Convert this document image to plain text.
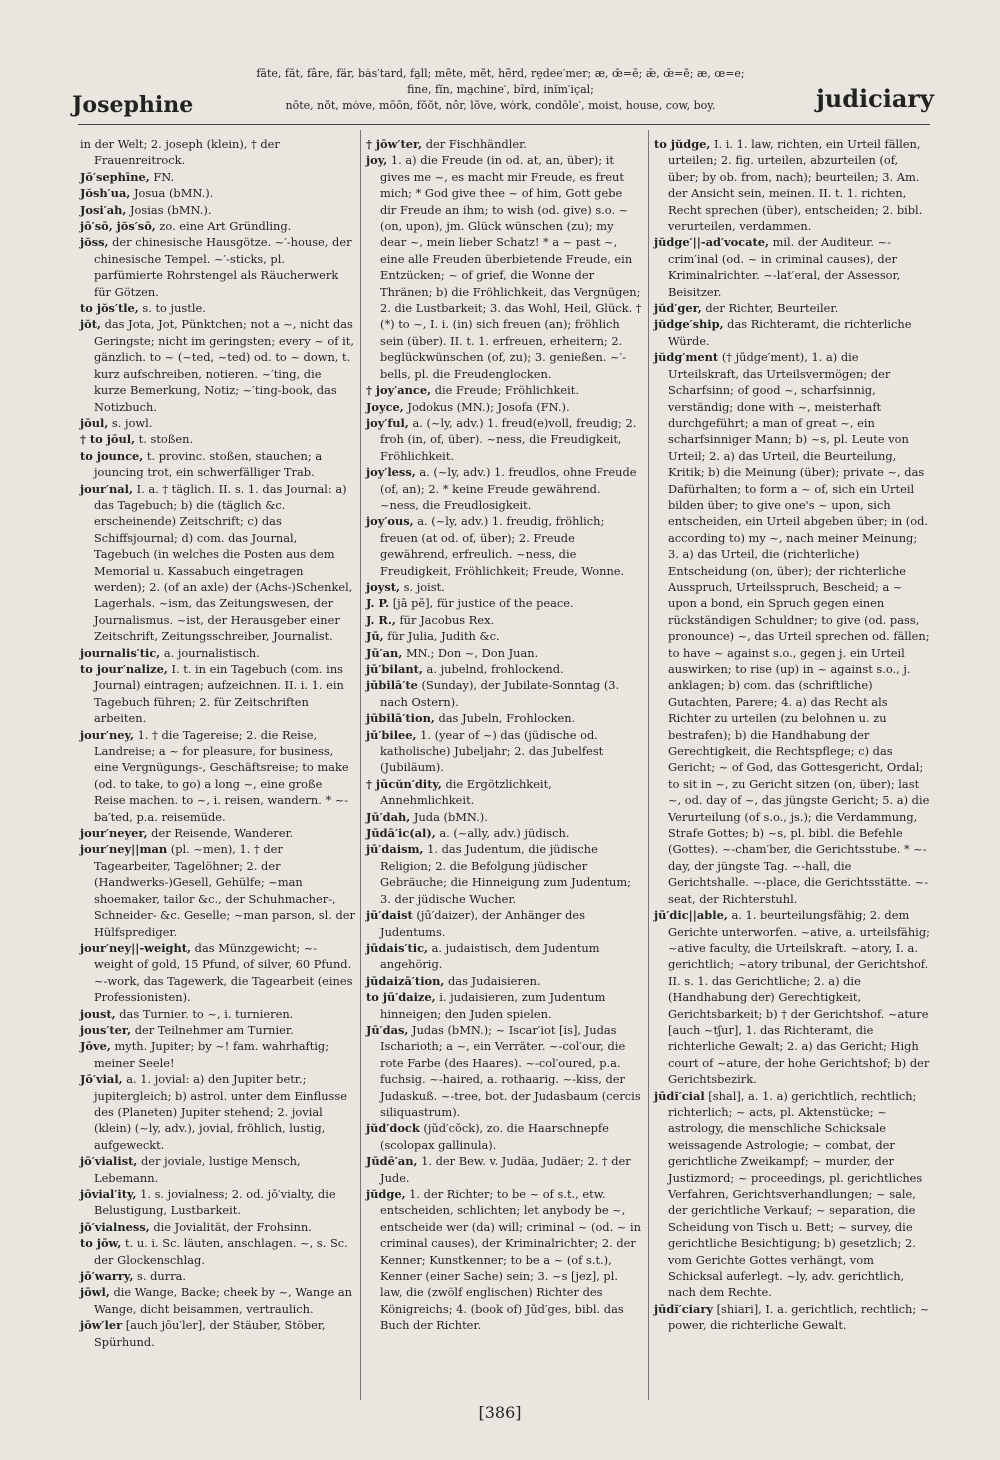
Josephine
fāte, făt, fâre, fär, bȧs′tard, fa̤ll; mēte, mĕt, hẽrd, re̤dee′mer; æ, œ̄=ē; æ̆, œ̆=ĕ; æ, œ=e;
fine, fĭn, ma̤chine′, bĩrd, inĭm′ic̨al;
nōte, nŏt, mȯve, mōōn, fŏŏt, nôr, lŏve, wȯrk, condōle′, moist, house, cow, boy.	judiciary

in der Welt; 2. joseph (klein), † der Frauenreitrock.

Jō′sephīne, FN.

Jŏsh′ua, Josua (bMN.).

Josi′ah, Josias (bMN.).

jō′sō, jŏs′sō, zo. eine Art Gründling.

jŏss, der chinesische Hausgötze. ~′-house, der chinesische Tempel. ~′-sticks, pl. parfümierte Rohrstengel als Räucherwerk für Götzen.

to jŏs′tle, s. to justle.

jŏt, das Jota, Jot, Pünktchen; not a ~, nicht das Geringste; nicht im geringsten; every ~ of it, gänzlich. to ~ (~ted, ~ted) od. to ~ down, t. kurz aufschreiben, notieren. ~′ting, die kurze Bemerkung, Notiz; ~′ting-book, das Notizbuch.

jōul, s. jowl.

† to jōul, t. stoßen.

to jounce, t. provinc. stoßen, stauchen; a jouncing trot, ein schwerfälliger Trab.

jour′nal, I. a. † täglich. II. s. 1. das Journal: a) das Tagebuch; b) die (täglich &c. erscheinende) Zeitschrift; c) das Schiffsjournal; d) com. das Journal, Tagebuch (in welches die Posten aus dem Memorial u. Kassabuch eingetragen werden); 2. (of an axle) der (Achs-)Schenkel, Lagerhals. ~ism, das Zeitungswesen, der Journalismus. ~ist, der Herausgeber einer Zeitschrift, Zeitungsschreiber, Journalist.

journalis′tic, a. journalistisch.

to jour′nalize, I. t. in ein Tagebuch (com. ins Journal) eintragen; aufzeichnen. II. i. 1. ein Tagebuch führen; 2. für Zeitschriften arbeiten.

jour′ney, 1. † die Tagereise; 2. die Reise, Landreise; a ~ for pleasure, for business, eine Vergnügungs-, Geschäftsreise; to make (od. to take, to go) a long ~, eine große Reise machen. to ~, i. reisen, wandern. * ~-ba′ted, p.a. reisemüde.

jour′neyer, der Reisende, Wanderer.

jour′ney||man (pl. ~men), 1. † der Tagearbeiter, Tagelöhner; 2. der (Handwerks-)Gesell, Gehülfe; ~man shoemaker, tailor &c., der Schuhmacher-, Schneider- &c. Geselle; ~man parson, sl. der Hülfsprediger.

jour′ney||-weight, das Münzgewicht; ~-weight of gold, 15 Pfund, of silver, 60 Pfund. ~-work, das Tagewerk, die Tagearbeit (eines Professionisten).

joust, das Turnier. to ~, i. turnieren.

jous′ter, der Teilnehmer am Turnier.

Jōve, myth. Jupiter; by ~! fam. wahrhaftig; meiner Seele!

Jō′vial, a. 1. jovial: a) den Jupiter betr.; jupitergleich; b) astrol. unter dem Einflusse des (Planeten) Jupiter stehend; 2. jovial (klein) (~ly, adv.), jovial, fröhlich, lustig, aufgeweckt.

jō′vialist, der joviale, lustige Mensch, Lebemann.

jōvial′ity, 1. s. jovialness; 2. od. jō′vialty, die Belustigung, Lustbarkeit.

jō′vialness, die Jovialität, der Frohsinn.

to jōw, t. u. i. Sc. läuten, anschlagen. ~, s. Sc. der Glockenschlag.

jō′warry, s. durra.

jōwl, die Wange, Backe; cheek by ~, Wange an Wange, dicht beisammen, vertraulich.

jōw′ler [auch jōu′ler], der Stäuber, Stöber, Spürhund.

† jōw′ter, der Fischhändler.

joy, 1. a) die Freude (in od. at, an, über); it gives me ~, es macht mir Freude, es freut mich; * God give thee ~ of him, Gott gebe dir Freude an ihm; to wish (od. give) s.o. ~ (on, upon), jm. Glück wünschen (zu); my dear ~, mein lieber Schatz! * a ~ past ~, eine alle Freuden überbietende Freude, ein Entzücken; ~ of grief, die Wonne der Thränen; b) die Fröhlichkeit, das Vergnügen; 2. die Lustbarkeit; 3. das Wohl, Heil, Glück. † (*) to ~, I. i. (in) sich freuen (an); fröhlich sein (über). II. t. 1. erfreuen, erheitern; 2. beglückwünschen (of, zu); 3. genießen. ~′-bells, pl. die Freudenglocken.

† joy′ance, die Freude; Fröhlichkeit.

Joyce, Jodokus (MN.); Josofa (FN.).

joy′ful, a. (~ly, adv.) 1. freud(e)voll, freudig; 2. froh (in, of, über). ~ness, die Freudigkeit, Fröhlichkeit.

joy′less, a. (~ly, adv.) 1. freudlos, ohne Freude (of, an); 2. * keine Freude gewährend. ~ness, die Freudlosigkeit.

joy′ous, a. (~ly, adv.) 1. freudig, fröhlich; freuen (at od. of, über); 2. Freude gewährend, erfreulich. ~ness, die Freudigkeit, Fröhlichkeit; Freude, Wonne.

joyst, s. joist.

J. P. [jā pē], für justice of the peace.

J. R., für Jacobus Rex.

Jū, für Julia, Judith &c.

Jū′an, MN.; Don ~, Don Juan.

jū′bilant, a. jubelnd, frohlockend.

jūbilā′te (Sunday), der Jubilate-Sonntag (3. nach Ostern).

jūbilā′tion, das Jubeln, Frohlocken.

jū′bilee, 1. (year of ~) das (jüdische od. katholische) Jubeljahr; 2. das Jubelfest (Jubiläum).

† jūcŭn′dity, die Ergötzlichkeit, Annehmlichkeit.

Jū′dah, Juda (bMN.).

Jūdā′ic(al), a. (~ally, adv.) jüdisch.

jū′daism, 1. das Judentum, die jüdische Religion; 2. die Befolgung jüdischer Gebräuche; die Hinneigung zum Judentum; 3. der jüdische Wucher.

jū′daist (jū′daizer), der Anhänger des Judentums.

jūdais′tic, a. judaistisch, dem Judentum angehörig.

jūdaizā′tion, das Judaisieren.

to jū′daize, i. judaisieren, zum Judentum hinneigen; den Juden spielen.

Jū′das, Judas (bMN.); ~ Iscar′iot [is], Judas Ischarioth; a ~, ein Verräter. ~-col′our, die rote Farbe (des Haares). ~-col′oured, p.a. fuchsig. ~-haired, a. rothaarig. ~-kiss, der Judaskuß. ~-tree, bot. der Judasbaum (cercis siliquastrum).

jŭd′dock (jŭd′cŏck), zo. die Haarschnepfe (scolopax gallinula).

Jūdē′an, 1. der Bew. v. Judäa, Judäer; 2. † der Jude.

jŭdge, 1. der Richter; to be ~ of s.t., etw. entscheiden, schlichten; let anybody be ~, entscheide wer (da) will; criminal ~ (od. ~ in criminal causes), der Kriminalrichter; 2. der Kenner; Kunstkenner; to be a ~ (of s.t.), Kenner (einer Sache) sein; 3. ~s [jez], pl. law, die (zwölf englischen) Richter des Königreichs; 4. (book of) Jŭd′ges, bibl. das Buch der Richter.

to jŭdge, I. i. 1. law, richten, ein Urteil fällen, urteilen; 2. fig. urteilen, abzurteilen (of, über; by ob. from, nach); beurteilen; 3. Am. der Ansicht sein, meinen. II. t. 1. richten, Recht sprechen (über), entscheiden; 2. bibl. verurteilen, verdammen.

jŭdge′||-ad′vocate, mil. der Auditeur. ~-crim′inal (od. ~ in criminal causes), der Kriminalrichter. ~-lat′eral, der Assessor, Beisitzer.

jŭd′ger, der Richter, Beurteiler.

jŭdge′ship, das Richteramt, die richterliche Würde.

jŭdg′ment († jŭdge′ment), 1. a) die Urteilskraft, das Urteilsvermögen; der Scharfsinn; of good ~, scharfsinnig, verständig; done with ~, meisterhaft durchgeführt; a man of great ~, ein scharfsinniger Mann; b) ~s, pl. Leute von Urteil; 2. a) das Urteil, die Beurteilung, Kritik; b) die Meinung (über); private ~, das Dafürhalten; to form a ~ of, sich ein Urteil bilden über; to give one's ~ upon, sich entscheiden, ein Urteil abgeben über; in (od. according to) my ~, nach meiner Meinung; 3. a) das Urteil, die (richterliche) Entscheidung (on, über); der richterliche Ausspruch, Urteilsspruch, Bescheid; a ~ upon a bond, ein Spruch gegen einen rückständigen Schuldner; to give (od. pass, pronounce) ~, das Urteil sprechen od. fällen; to have ~ against s.o., gegen j. ein Urteil auswirken; to rise (up) in ~ against s.o., j. anklagen; b) com. das (schriftliche) Gutachten, Parere; 4. a) das Recht als Richter zu urteilen (zu belohnen u. zu bestrafen); b) die Handhabung der Gerechtigkeit, die Rechtspflege; c) das Gericht; ~ of God, das Gottesgericht, Ordal; to sit in ~, zu Gericht sitzen (on, über); last ~, od. day of ~, das jüngste Gericht; 5. a) die Verurteilung (of s.o., js.); die Verdammung, Strafe Gottes; b) ~s, pl. bibl. die Befehle (Gottes). ~-cham′ber, die Gerichtsstube. * ~-day, der jüngste Tag. ~-hall, die Gerichtshalle. ~-place, die Gerichtsstätte. ~-seat, der Richterstuhl.

jū′dic||able, a. 1. beurteilungsfähig; 2. dem Gerichte unterworfen. ~ative, a. urteilsfähig; ~ative faculty, die Urteilskraft. ~atory, I. a. gerichtlich; ~atory tribunal, der Gerichtshof. II. s. 1. das Gerichtliche; 2. a) die (Handhabung der) Gerechtigkeit, Gerichtsbarkeit; b) † der Gerichtshof. ~ature [auch ~tʃur], 1. das Richteramt, die richterliche Gewalt; 2. a) das Gericht; High court of ~ature, der hohe Gerichtshof; b) der Gerichtsbezirk.

jūdĭ′cial [shal], a. 1. a) gerichtlich, rechtlich; richterlich; ~ acts, pl. Aktenstücke; ~ astrology, die menschliche Schicksale weissagende Astrologie; ~ combat, der gerichtliche Zweikampf; ~ murder, der Justizmord; ~ proceedings, pl. gerichtliches Verfahren, Gerichtsverhandlungen; ~ sale, der gerichtliche Verkauf; ~ separation, die Scheidung von Tisch u. Bett; ~ survey, die gerichtliche Besichtigung; b) gesetzlich; 2. vom Gerichte Gottes verhängt, vom Schicksal auferlegt. ~ly, adv. gerichtlich, nach dem Rechte.

jūdĭ′ciary [shiari], I. a. gerichtlich, rechtlich; ~ power, die richterliche Gewalt.

[386]
